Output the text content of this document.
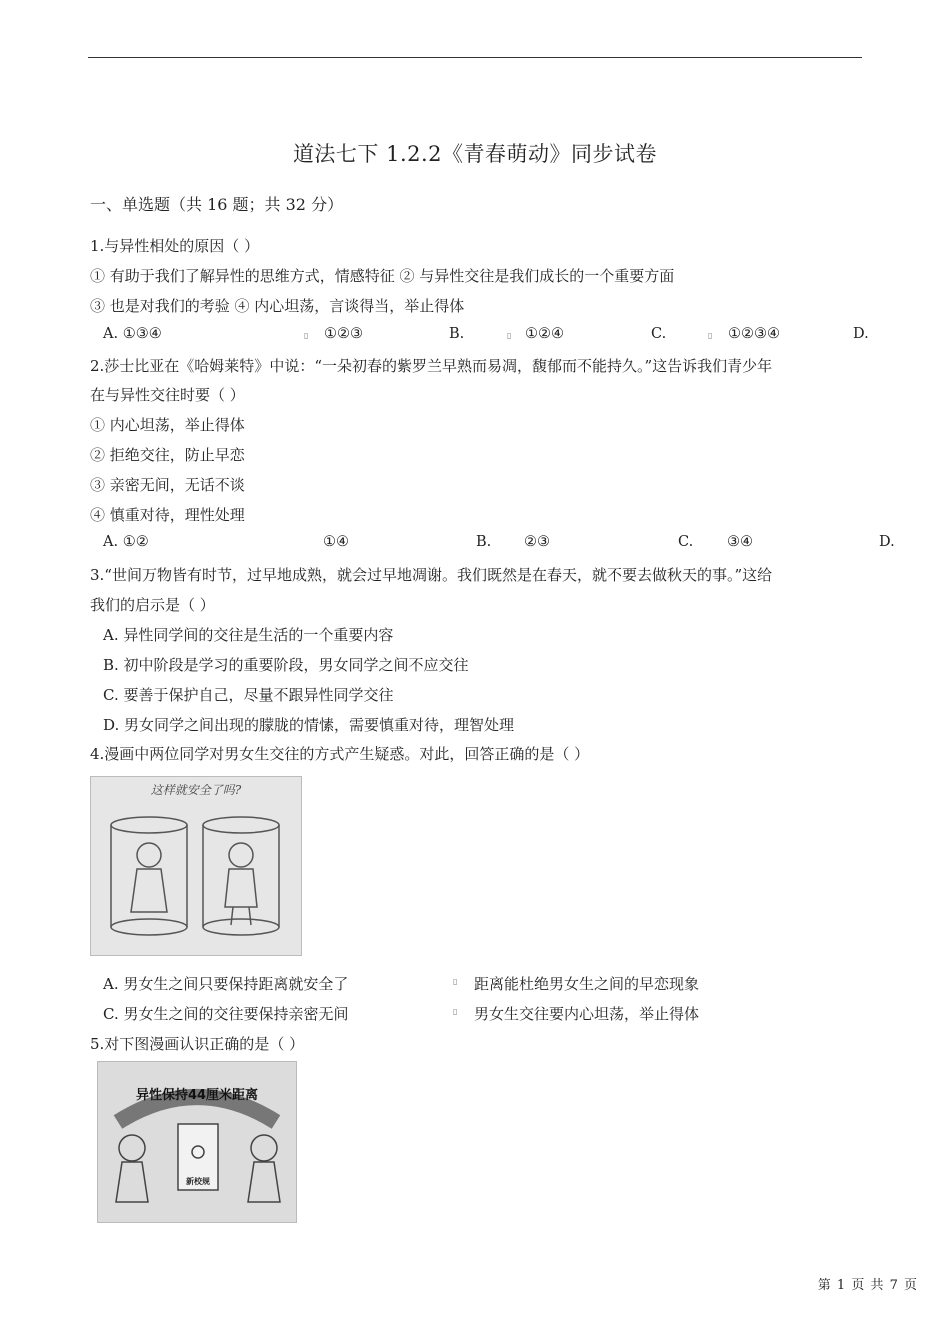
道法七下 1.2.2《青春萌动》同步试卷
一、单选题（共 16 题；共 32 分）
1.与异性相处的原因（ ）
① 有助于我们了解异性的思维方式，情感特征 ② 与异性交往是我们成长的一个重要方面
③ 也是对我们的考验 ④ 内心坦荡，言谈得当，举止得体
A. ①③④	▯ ①②③	B.	▯ ①②④	C.	▯ ①②③④	D.
2.莎士比亚在《哈姆莱特》中说：“一朵初春的紫罗兰早熟而易凋，馥郁而不能持久。”这告诉我们青少年
在与异性交往时要（ ）
① 内心坦荡，举止得体
② 拒绝交往，防止早恋
③ 亲密无间，无话不谈
④ 慎重对待，理性处理
A. ①②	①④	B. ②③	C. ③④	D.
3.“世间万物皆有时节，过早地成熟，就会过早地凋谢。我们既然是在春天，就不要去做秋天的事。”这给
我们的启示是（ ）
A. 异性同学间的交往是生活的一个重要内容
B. 初中阶段是学习的重要阶段，男女同学之间不应交往
C. 要善于保护自己，尽量不跟异性同学交往
D. 男女同学之间出现的朦胧的情愫，需要慎重对待，理智处理
4.漫画中两位同学对男女生交往的方式产生疑惑。对此，回答正确的是（ ）
这样就安全了吗?
A. 男女生之间只要保持距离就安全了	▯ 距离能杜绝男女生之间的早恋现象
C. 男女生之间的交往要保持亲密无间	▯ 男女生交往要内心坦荡，举止得体
5.对下图漫画认识正确的是（ ）
异性保持44厘米距离
新校规
第 1 页 共 7 页
